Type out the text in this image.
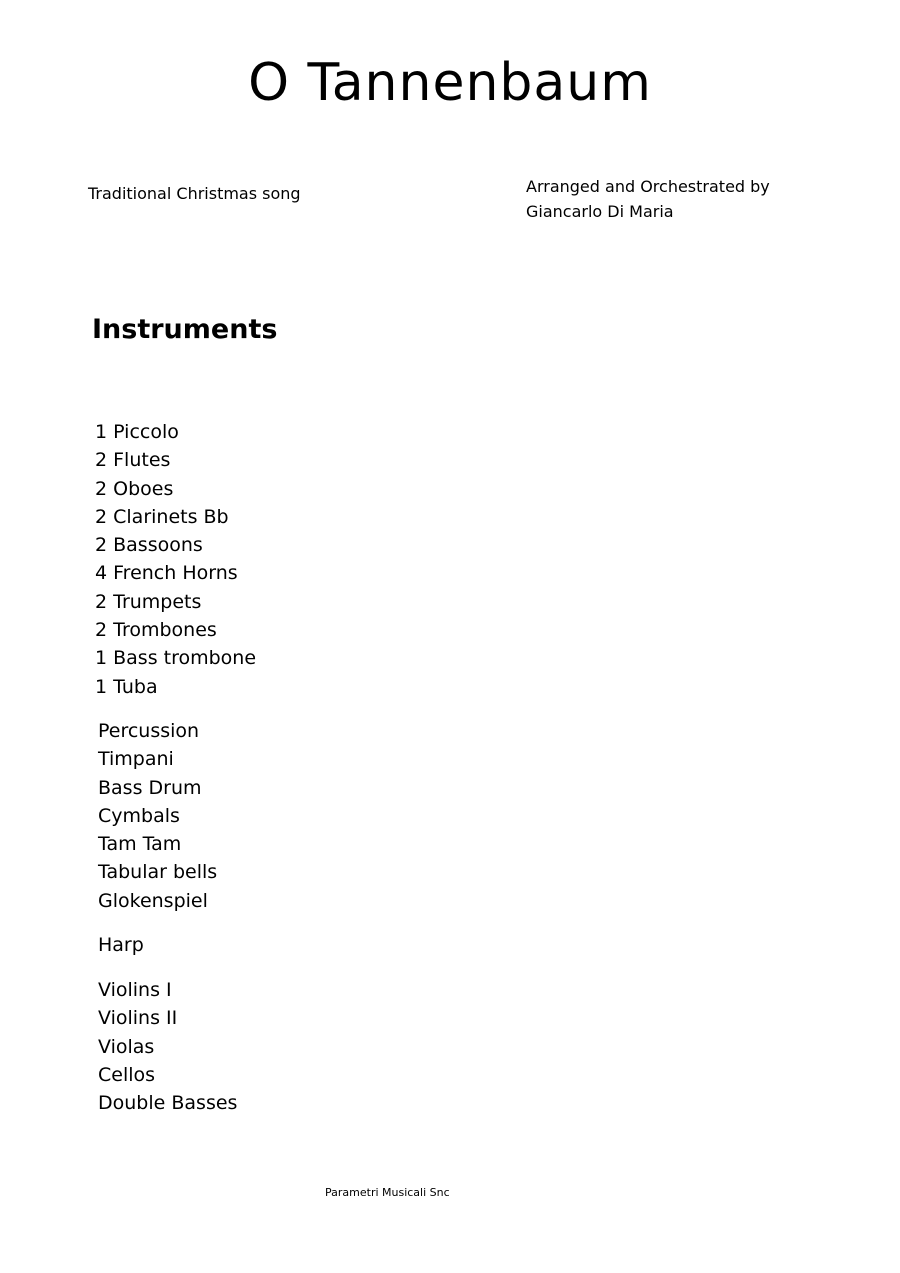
O Tannenbaum
Traditional Christmas song	Arranged and Orchestrated by
Giancarlo Di Maria
Instruments
1 Piccolo
2 Flutes
2 Oboes
2 Clarinets Bb
2 Bassoons
4 French Horns
2 Trumpets
2 Trombones
1 Bass trombone
1 Tuba
Percussion
Timpani
Bass Drum
Cymbals
Tam Tam
Tabular bells
Glokenspiel
Harp
Violins I
Violins II
Violas
Cellos
Double Basses
Parametri Musicali Snc
